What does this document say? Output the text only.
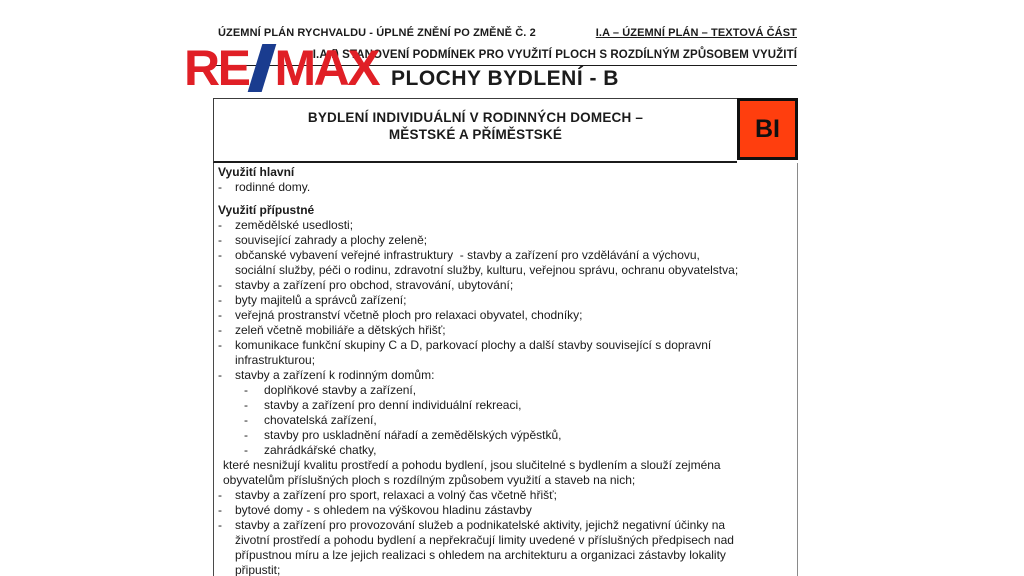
ÚZEMNÍ PLÁN RYCHVALDU - ÚPLNÉ ZNĚNÍ PO ZMĚNĚ Č. 2	I.A – ÚZEMNÍ PLÁN – TEXTOVÁ ČÁST
I.A.f) STANOVENÍ PODMÍNEK PRO VYUŽITÍ PLOCH S ROZDÍLNÝM ZPŮSOBEM VYUŽITÍ
RE MAX PLOCHY BYDLENÍ - B
BYDLENÍ INDIVIDUÁLNÍ V RODINNÝCH DOMECH –
MĚSTSKÉ A PŘÍMĚSTSKÉ	BI
Využití hlavní
-	rodinné domy.
Využití přípustné
-	zemědělské usedlosti;
-	související zahrady a plochy zeleně;
-	občanské vybavení veřejné infrastruktury  - stavby a zařízení pro vzdělávání a výchovu, sociální služby, péči o rodinu, zdravotní služby, kulturu, veřejnou správu, ochranu obyvatelstva;
-	stavby a zařízení pro obchod, stravování, ubytování;
-	byty majitelů a správců zařízení;
-	veřejná prostranství včetně ploch pro relaxaci obyvatel, chodníky;
-	zeleň včetně mobiliáře a dětských hřišť;
-	komunikace funkční skupiny C a D, parkovací plochy a další stavby související s dopravní infrastrukturou;
-	stavby a zařízení k rodinným domům:
-	doplňkové stavby a zařízení,
-	stavby a zařízení pro denní individuální rekreaci,
-	chovatelská zařízení,
-	stavby pro uskladnění nářadí a zemědělských výpěstků,
-	zahrádkářské chatky,
které nesnižují kvalitu prostředí a pohodu bydlení, jsou slučitelné s bydlením a slouží zejména obyvatelům příslušných ploch s rozdílným způsobem využití a staveb na nich;
-	stavby a zařízení pro sport, relaxaci a volný čas včetně hřišť;
-	bytové domy - s ohledem na výškovou hladinu zástavby
-	stavby a zařízení pro provozování služeb a podnikatelské aktivity, jejichž negativní účinky na životní prostředí a pohodu bydlení a nepřekračují limity uvedené v příslušných předpisech nad přípustnou míru a lze jejich realizaci s ohledem na architekturu a organizaci zástavby lokality připustit;
